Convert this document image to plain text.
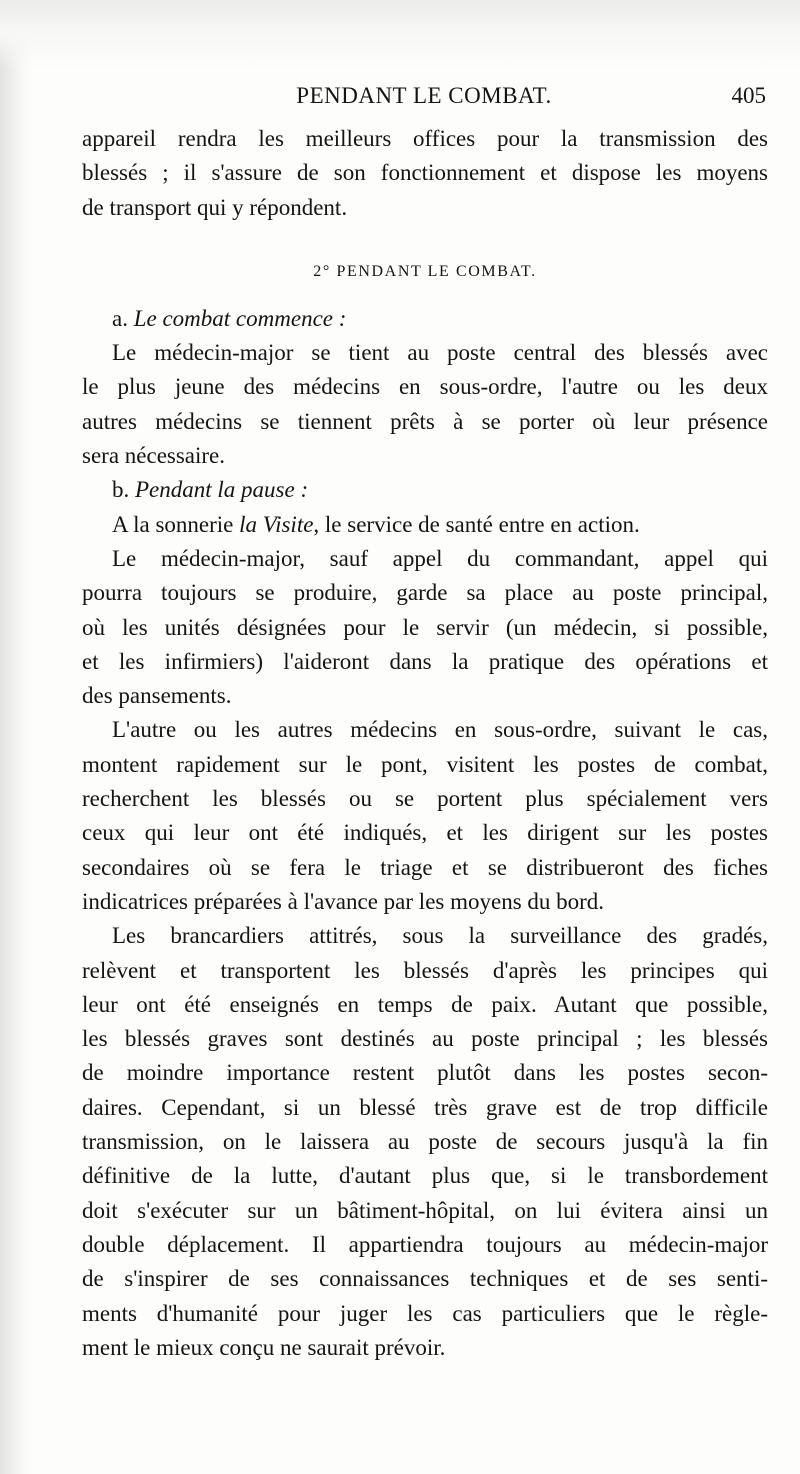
PENDANT LE COMBAT.	405
appareil rendra les meilleurs offices pour la transmission des
blessés ; il s'assure de son fonctionnement et dispose les moyens
de transport qui y répondent.
2° PENDANT LE COMBAT.
a. Le combat commence :
Le médecin-major se tient au poste central des blessés avec
le plus jeune des médecins en sous-ordre, l'autre ou les deux
autres médecins se tiennent prêts à se porter où leur présence
sera nécessaire.
b. Pendant la pause :
A la sonnerie la Visite, le service de santé entre en action.
Le médecin-major, sauf appel du commandant, appel qui
pourra toujours se produire, garde sa place au poste principal,
où les unités désignées pour le servir (un médecin, si possible,
et les infirmiers) l'aideront dans la pratique des opérations et
des pansements.
L'autre ou les autres médecins en sous-ordre, suivant le cas,
montent rapidement sur le pont, visitent les postes de combat,
recherchent les blessés ou se portent plus spécialement vers
ceux qui leur ont été indiqués, et les dirigent sur les postes
secondaires où se fera le triage et se distribueront des fiches
indicatrices préparées à l'avance par les moyens du bord.
Les brancardiers attitrés, sous la surveillance des gradés,
relèvent et transportent les blessés d'après les principes qui
leur ont été enseignés en temps de paix. Autant que possible,
les blessés graves sont destinés au poste principal ; les blessés
de moindre importance restent plutôt dans les postes secon-
daires. Cependant, si un blessé très grave est de trop difficile
transmission, on le laissera au poste de secours jusqu'à la fin
définitive de la lutte, d'autant plus que, si le transbordement
doit s'exécuter sur un bâtiment-hôpital, on lui évitera ainsi un
double déplacement. Il appartiendra toujours au médecin-major
de s'inspirer de ses connaissances techniques et de ses senti-
ments d'humanité pour juger les cas particuliers que le règle-
ment le mieux conçu ne saurait prévoir.
